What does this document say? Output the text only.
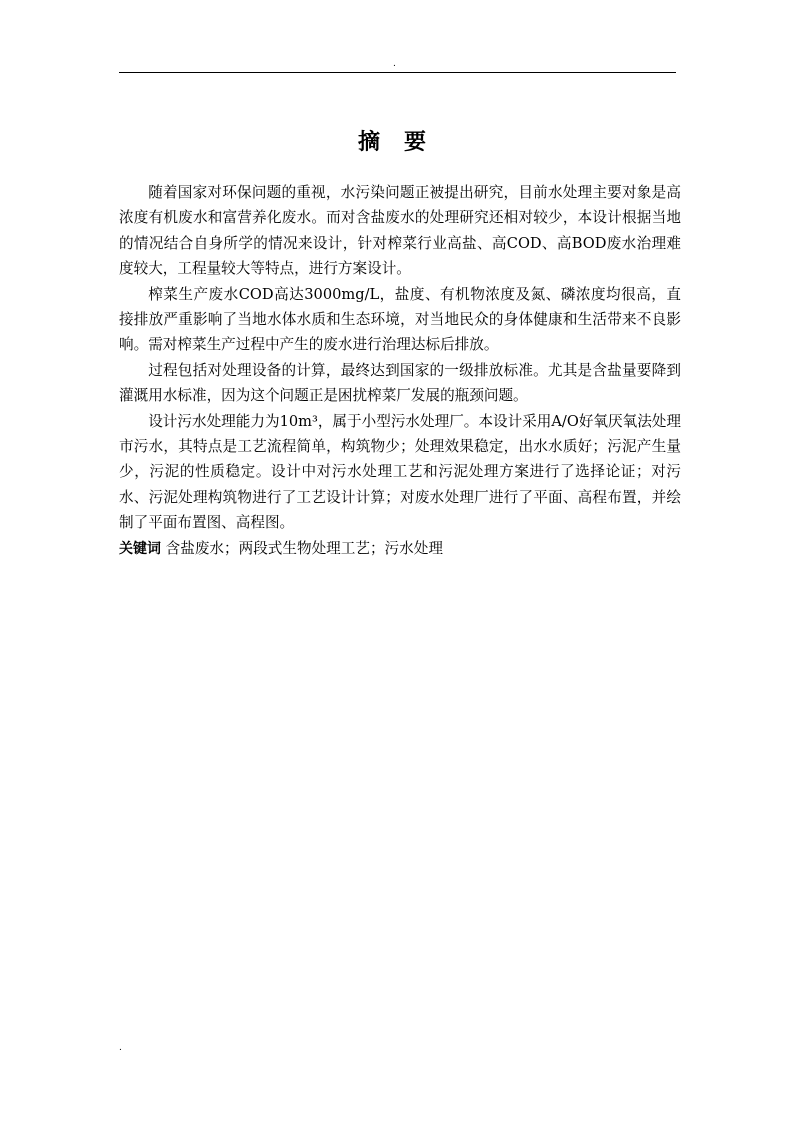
.
摘要

随着国家对环保问题的重视，水污染问题正被提出研究，目前水处理主要对象是高浓度有机废水和富营养化废水。而对含盐废水的处理研究还相对较少，本设计根据当地的情况结合自身所学的情况来设计，针对榨菜行业高盐、高COD、高BOD废水治理难度较大，工程量较大等特点，进行方案设计。

榨菜生产废水COD高达3000mg/L，盐度、有机物浓度及氮、磷浓度均很高，直接排放严重影响了当地水体水质和生态环境，对当地民众的身体健康和生活带来不良影响。需对榨菜生产过程中产生的废水进行治理达标后排放。

过程包括对处理设备的计算，最终达到国家的一级排放标准。尤其是含盐量要降到灌溉用水标准，因为这个问题正是困扰榨菜厂发展的瓶颈问题。

设计污水处理能力为10m³，属于小型污水处理厂。本设计采用A/O好氧厌氧法处理市污水，其特点是工艺流程简单，构筑物少；处理效果稳定，出水水质好；污泥产生量少，污泥的性质稳定。设计中对污水处理工艺和污泥处理方案进行了选择论证；对污水、污泥处理构筑物进行了工艺设计计算；对废水处理厂进行了平面、高程布置，并绘制了平面布置图、高程图。

关键词 含盐废水；两段式生物处理工艺；污水处理
.
